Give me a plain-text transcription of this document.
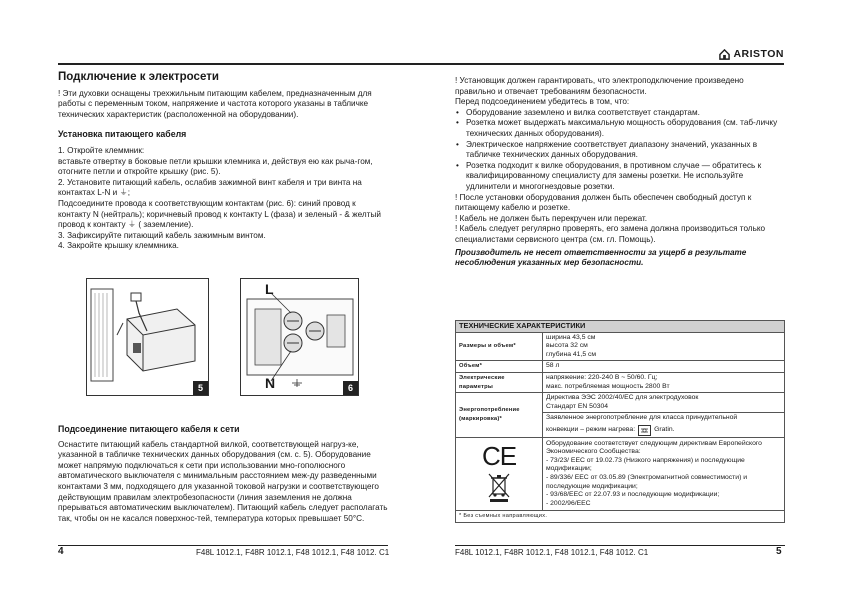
ARISTON
Подключение к электросети

! Эти духовки оснащены трехжильным питающим кабелем, предназначенным для работы с переменным током, напряжение и частота которого указаны в табличке технических характеристик (расположенной на оборудовании).

Установка питающего кабеля

1. Откройте клеммник:

вставьте отвертку в боковые петли крышки клемника и, действуя ею как рыча-гом, отогните петли и откройте крышку (рис. 5).

2. Установите питающий кабель, ослабив зажимной винт кабеля и три винта на контактах L-N и ⏚;

Подсоедините провода к соответствующим контактам (рис. 6): синий провод к контакту N (нейтраль); коричневый провод к контакту L (фаза) и зеленый - & желтый провод к контакту ⏚ ( заземление).

3. Зафиксируйте питающий кабель зажимным винтом.

4. Закройте крышку клеммника.

5
L
N	6
Подсоединение питающего кабеля к сети

Оснастите питающий кабель стандартной вилкой, соответствующей нагруз-ке, указанной в табличке технических данных оборудования (см. с. 5). Оборудование может напрямую подключаться к сети при использовании мно-гополюсного автоматического выключателя с минимальным расстоянием меж-ду разведенными контактами 3 мм, подходящего для указанной токовой нагрузки и соответствующего действующим правилам электробезопасности (линия заземления не должна прерываться автоматическим выключателем). Питающий кабель следует располагать так, чтобы он не касался поверхнос-тей, температура которых превышает 50°C.

4	F48L 1012.1, F48R 1012.1, F48 1012.1, F48 1012. C1

! Установщик должен гарантировать, что электроподключение произведено правильно и отвечает требованиям безопасности.

Перед подсоединением убедитесь в том, что:

• Оборудование заземлено и вилка соответствует стандартам.

• Розетка может выдержать максимальную мощность оборудования (см. таб-личку технических данных оборудования).

• Электрическое напряжение соответствует диапазону значений, указанных в табличке технических данных оборудования.

• Розетка подходит к вилке оборудования, в противном случае — обратитесь к квалифицированному специалисту для замены розетки. Не используйте удлинители и многогнездовые розетки.

! После установки оборудования должен быть обеспечен свободный доступ к питающему кабелю и розетке.

! Кабель не должен быть перекручен или пережат.

! Кабель следует регулярно проверять, его замена должна производиться только специалистами сервисного центра (см. гл. Помощь).

Производитель не несет ответственности за ущерб в результате несоблюдения указанных мер безопасности.

ТЕХНИЧЕСКИЕ ХАРАКТЕРИСТИКИ	
Размеры и объем*	ширина 43,5 см
высота 32 см
глубина 41,5 см

Объем*	58 л
Электрические параметры	напряжение: 220-240 В ~ 50/60. Гц;
макс. потребляемая мощность 2800 Вт

Энергопотребление (маркировка)*	Директива ЭЭС 2002/40/EC для электродуховок
Стандарт EN 50304

	Заявленное энергопотребление для класса принудительной
конвекции – режим нагрева: Gratin.

CE	Оборудование соответствует следующим директивам Европейского Экономического Сообщества:
- 73/23/ EEC от 19.02.73 (Низкого напряжения) и последующие модификации;
- 89/336/ EEC от 03.05.89 (Электромагнитной совместимости) и последующие модификации;
- 93/68/EEC от 22.07.93 и последующие модификации;
- 2002/96/EEC

* Без съемных направляющих.	
F48L 1012.1, F48R 1012.1, F48 1012.1, F48 1012. C1	5
